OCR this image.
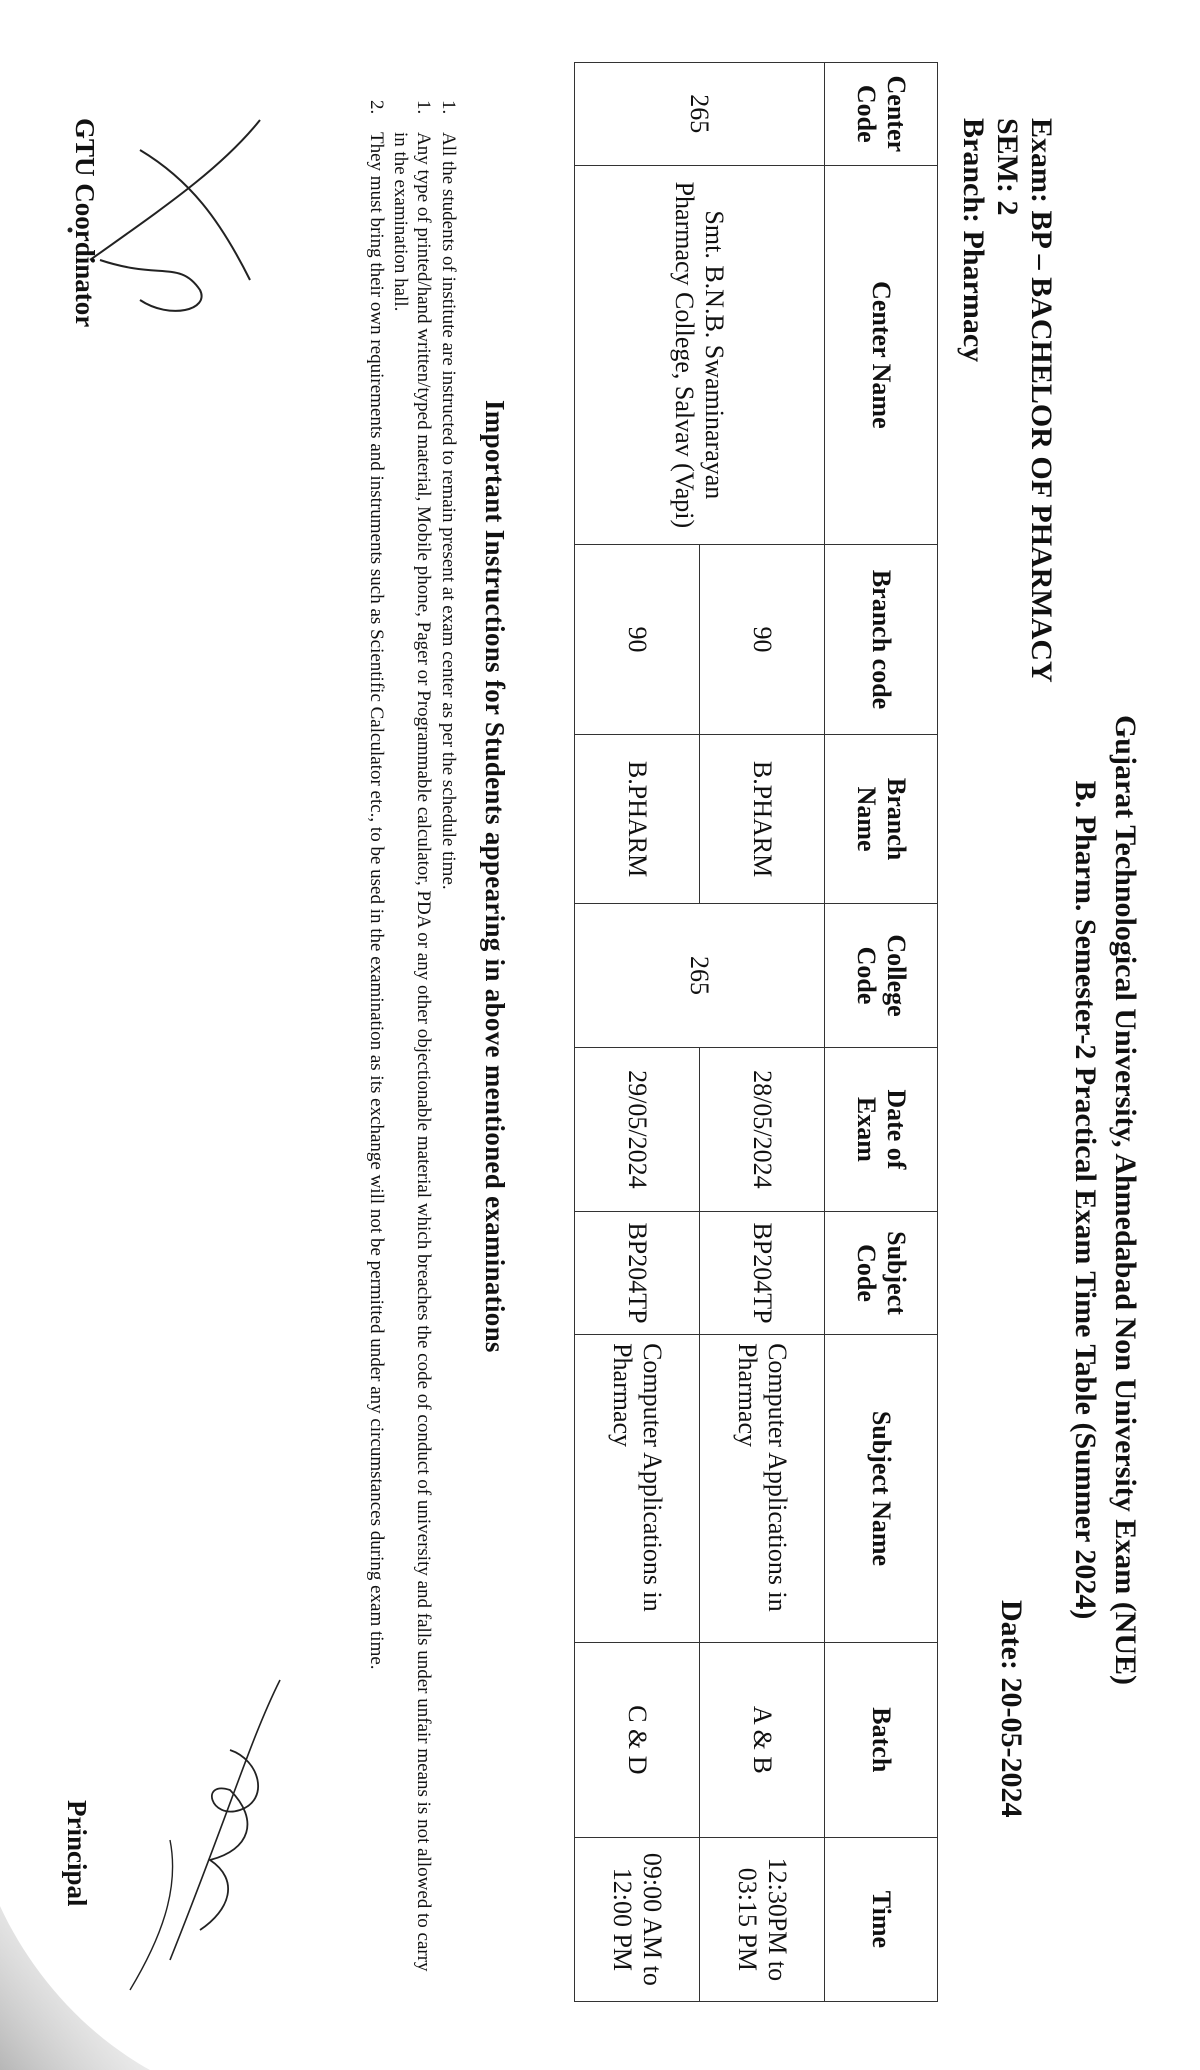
Gujarat Technological University, Ahmedabad Non University Exam (NUE)
B. Pharm. Semester-2 Practical Exam Time Table (Summer 2024)
Date: 20-05-2024
Exam: BP – BACHELOR OF PHARMACY
SEM: 2
Branch: Pharmacy
Center Code	Center Name	Branch code	Branch Name	College Code	Date of Exam	Subject Code	Subject Name	Batch	Time
265	Smt. B.N.B. Swaminarayan Pharmacy College, Salvav (Vapi)	90	B.PHARM	265	28/05/2024	BP204TP	Computer Applications in Pharmacy	A & B	12:30PM to 03:15 PM
		90	B.PHARM		29/05/2024	BP204TP	Computer Applications in Pharmacy	C & D	09:00 AM to 12:00 PM
Important Instructions for Students appearing in above mentioned examinations
1.
All the students of institute are instructed to remain present at exam center as per the schedule time.
1.
Any type of printed/hand written/typed material, Mobile phone, Pager or Programmable calculator, PDA or any other objectionable material which breaches the code of conduct of university and falls under unfair means is not allowed to carry in the examination hall.
2.
They must bring their own requirements and instruments such as Scientific Calculator etc., to be used in the examination as its exchange will not be permitted under any circumstances during exam time.
GTU Coordinator
Principal
